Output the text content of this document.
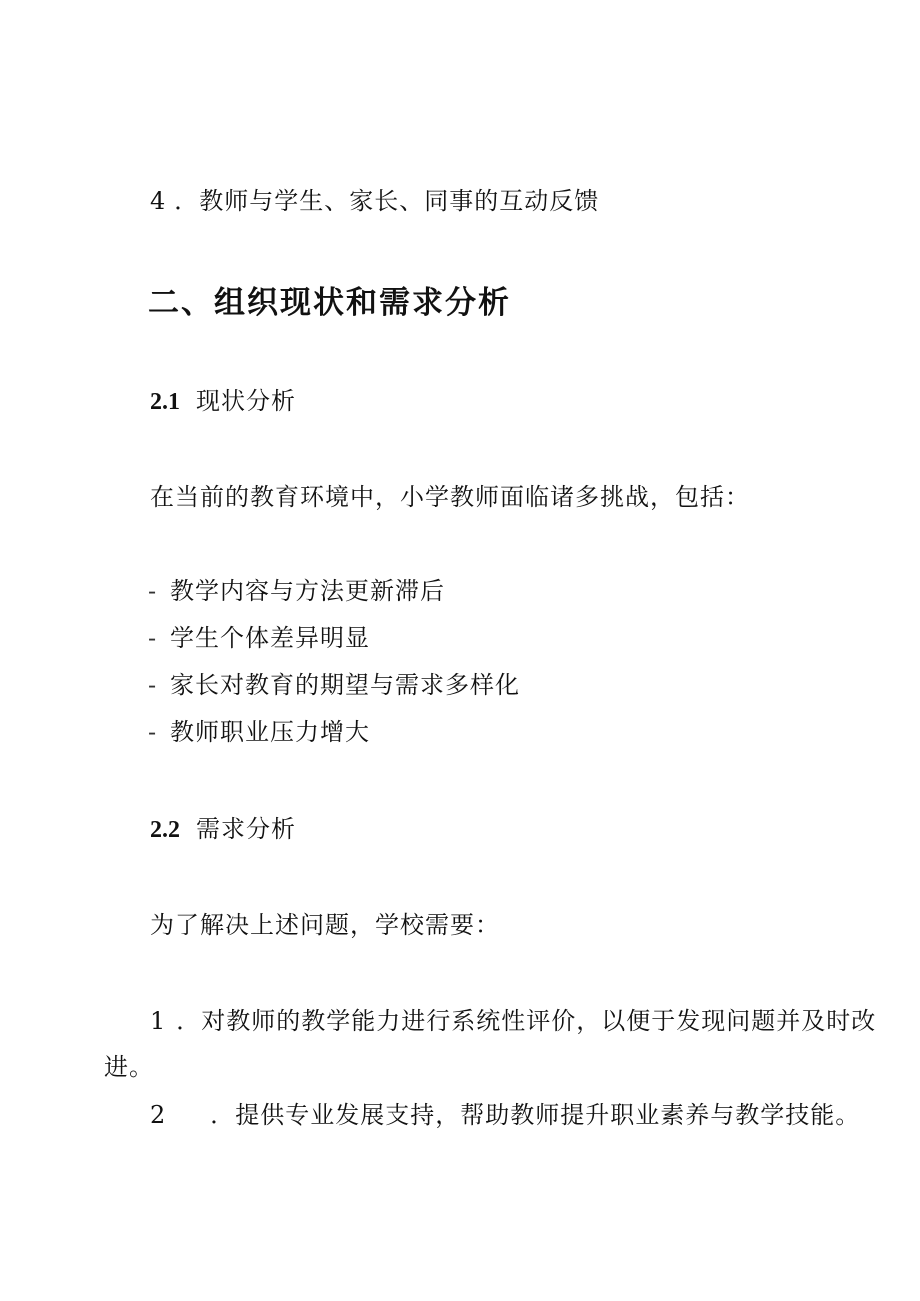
4 ．教师与学生、家长、同事的互动反馈
二、组织现状和需求分析
2.1 现状分析
在当前的教育环境中，小学教师面临诸多挑战，包括：
- 教学内容与方法更新滞后
- 学生个体差异明显
- 家长对教育的期望与需求多样化
- 教师职业压力增大
2.2 需求分析
为了解决上述问题，学校需要：
1 ．对教师的教学能力进行系统性评价，以便于发现问题并及时改
进。
2 ．提供专业发展支持，帮助教师提升职业素养与教学技能。
